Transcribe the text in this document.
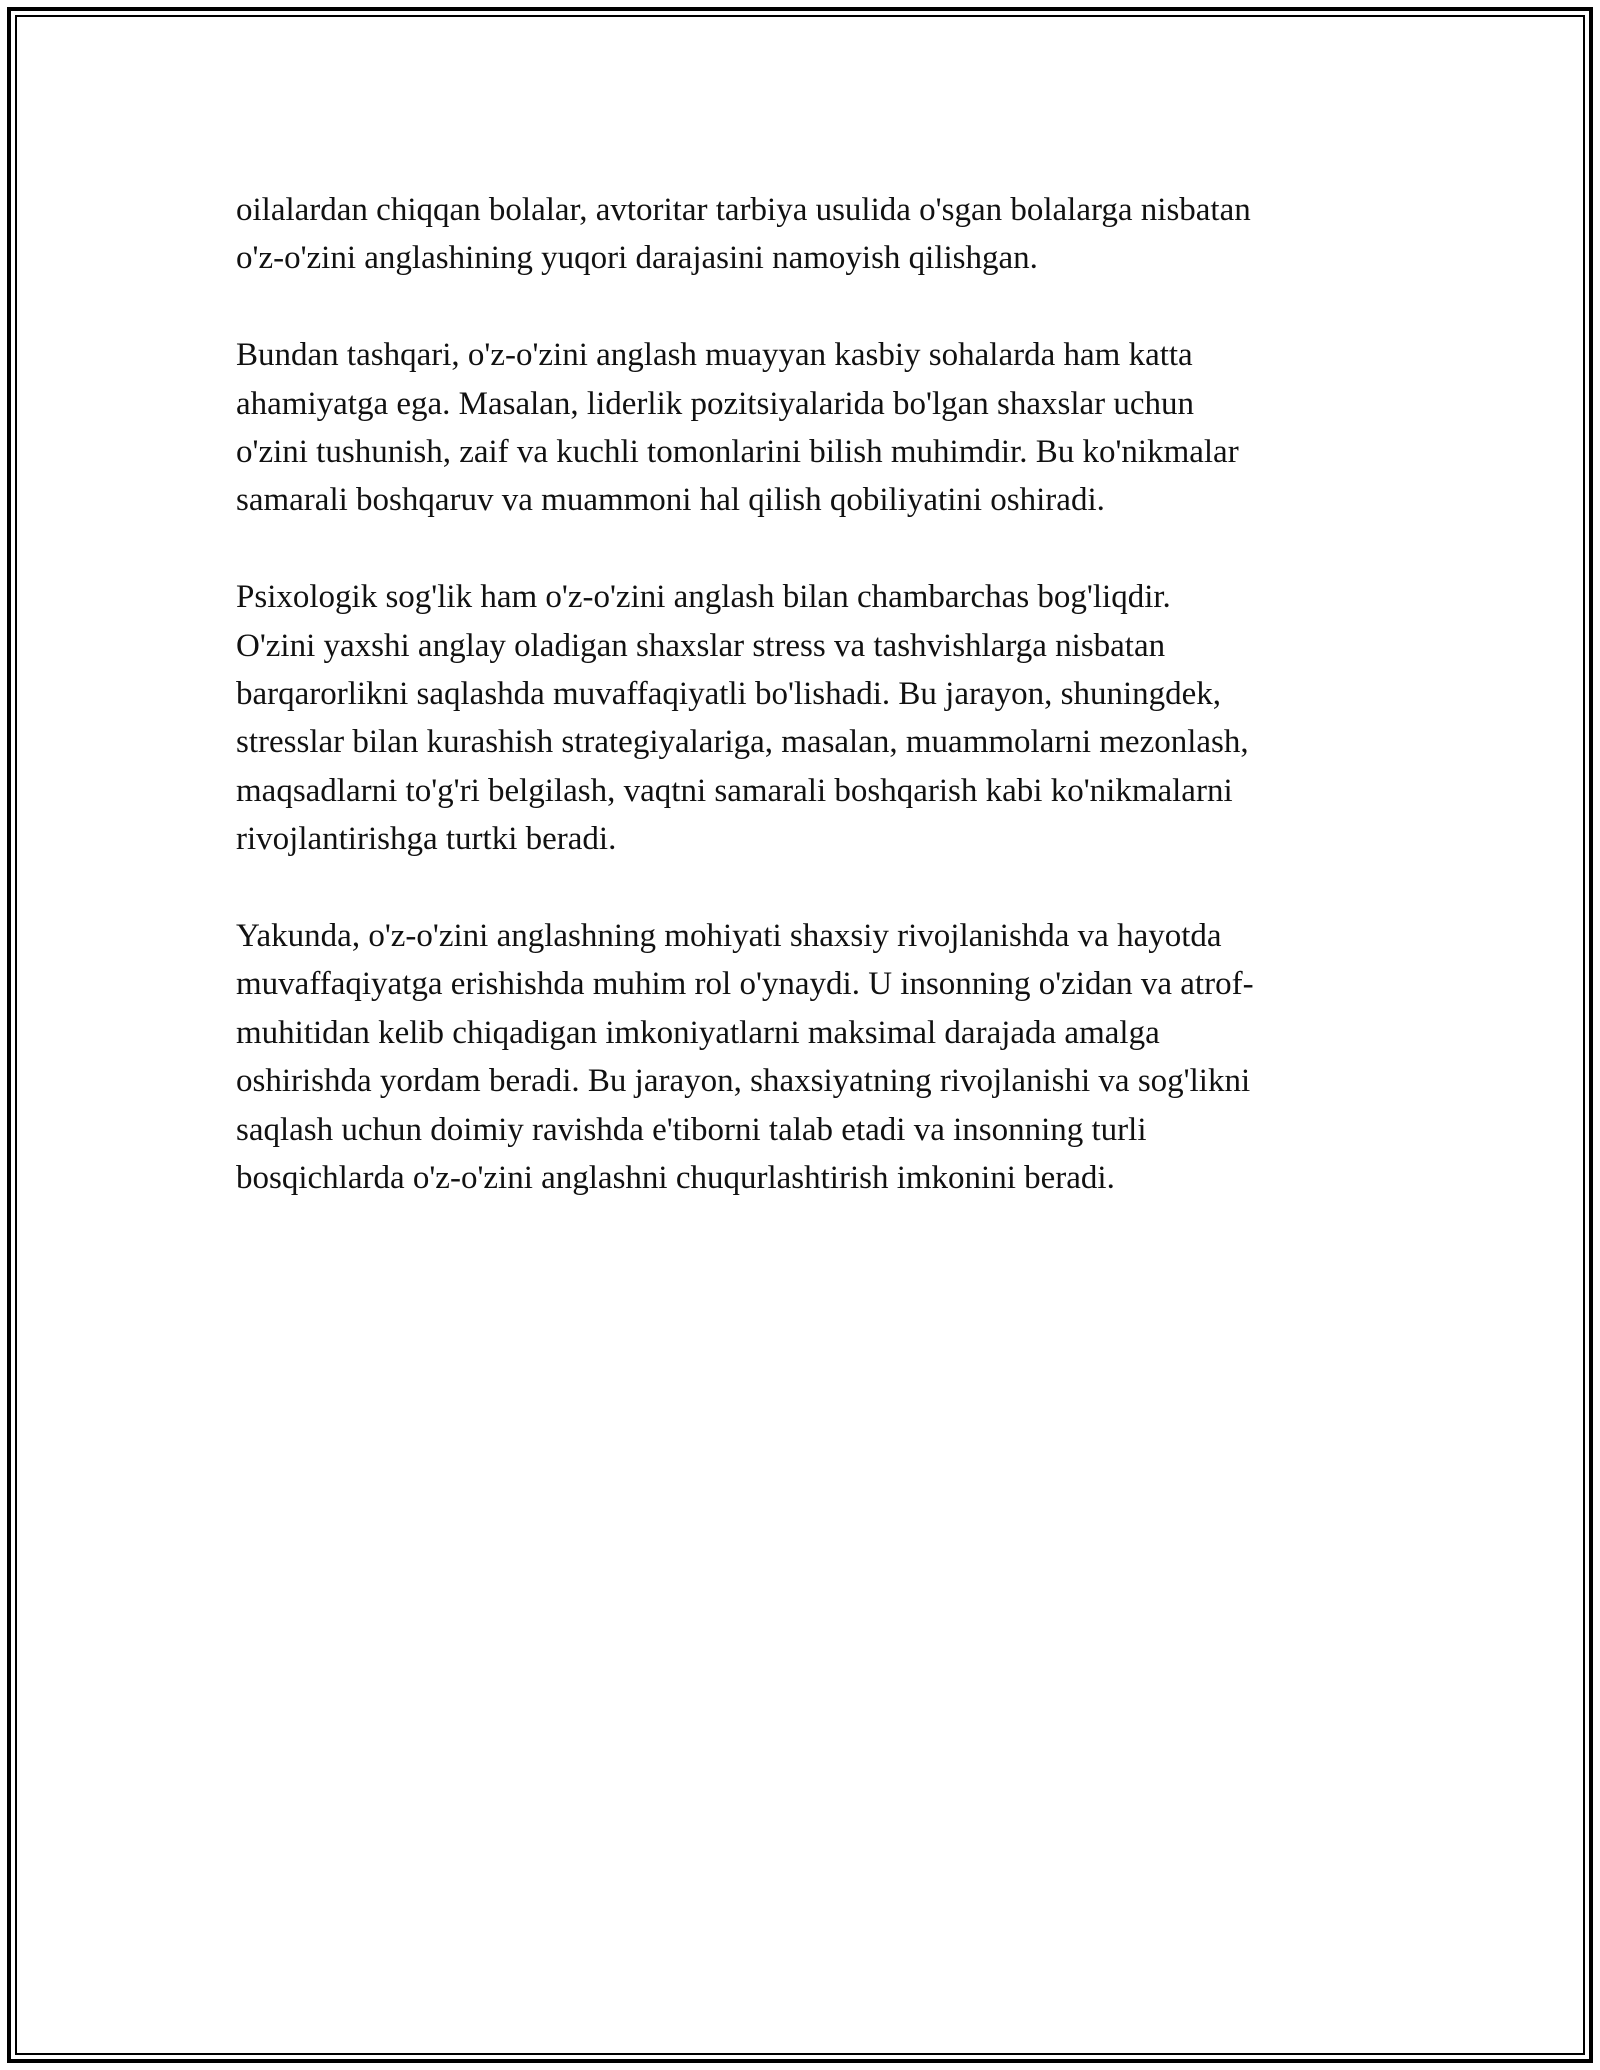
oilalardan chiqqan bolalar, avtoritar tarbiya usulida o'sgan bolalarga nisbatan
o'z-o'zini anglashining yuqori darajasini namoyish qilishgan.

Bundan tashqari, o'z-o'zini anglash muayyan kasbiy sohalarda ham katta
ahamiyatga ega. Masalan, liderlik pozitsiyalarida bo'lgan shaxslar uchun
o'zini tushunish, zaif va kuchli tomonlarini bilish muhimdir. Bu ko'nikmalar
samarali boshqaruv va muammoni hal qilish qobiliyatini oshiradi.

Psixologik sog'lik ham o'z-o'zini anglash bilan chambarchas bog'liqdir.
O'zini yaxshi anglay oladigan shaxslar stress va tashvishlarga nisbatan
barqarorlikni saqlashda muvaffaqiyatli bo'lishadi. Bu jarayon, shuningdek,
stresslar bilan kurashish strategiyalariga, masalan, muammolarni mezonlash,
maqsadlarni to'g'ri belgilash, vaqtni samarali boshqarish kabi ko'nikmalarni
rivojlantirishga turtki beradi.

Yakunda, o'z-o'zini anglashning mohiyati shaxsiy rivojlanishda va hayotda
muvaffaqiyatga erishishda muhim rol o'ynaydi. U insonning o'zidan va atrof-
muhitidan kelib chiqadigan imkoniyatlarni maksimal darajada amalga
oshirishda yordam beradi. Bu jarayon, shaxsiyatning rivojlanishi va sog'likni
saqlash uchun doimiy ravishda e'tiborni talab etadi va insonning turli
bosqichlarda o'z-o'zini anglashni chuqurlashtirish imkonini beradi.
